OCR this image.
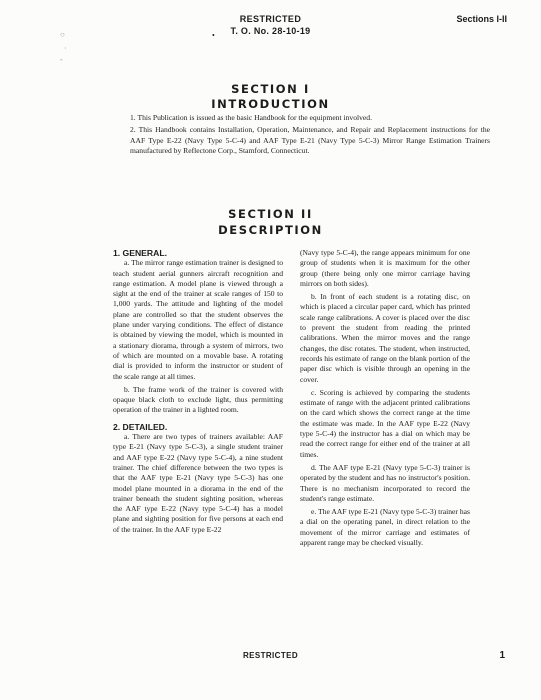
○
·
ˆ
RESTRICTED
T. O. No. 28-10-19
•
Sections I-II
SECTION I
INTRODUCTION

1. This Publication is issued as the basic Handbook for the equipment involved.

2. This Handbook contains Installation, Operation, Maintenance, and Repair and Replacement instructions for the AAF Type E-22 (Navy Type 5-C-4) and AAF Type E-21 (Navy Type 5-C-3) Mirror Range Estimation Trainers manufactured by Reflectone Corp., Stamford, Connecticut.

SECTION II
DESCRIPTION

1. GENERAL.

a. The mirror range estimation trainer is designed to teach student aerial gunners aircraft recognition and range estimation. A model plane is viewed through a sight at the end of the trainer at scale ranges of 150 to 1,000 yards. The attitude and lighting of the model plane are controlled so that the student observes the plane under varying conditions. The effect of distance is obtained by viewing the model, which is mounted in a stationary diorama, through a system of mirrors, two of which are mounted on a movable base. A rotating dial is provided to inform the instructor or student of the scale range at all times.

b. The frame work of the trainer is covered with opaque black cloth to exclude light, thus permitting operation of the trainer in a lighted room.

2. DETAILED.

a. There are two types of trainers available: AAF type E-21 (Navy type 5-C-3), a single student trainer and AAF type E-22 (Navy type 5-C-4), a nine student trainer. The chief difference between the two types is that the AAF type E-21 (Navy type 5-C-3) has one model plane mounted in a diorama in the end of the trainer beneath the student sighting position, whereas the AAF type E-22 (Navy type 5-C-4) has a model plane and sighting position for five persons at each end of the trainer. In the AAF type E-22

(Navy type 5-C-4), the range appears minimum for one group of students when it is maximum for the other group (there being only one mirror carriage having mirrors on both sides).

b. In front of each student is a rotating disc, on which is placed a circular paper card, which has printed scale range calibrations. A cover is placed over the disc to prevent the student from reading the printed calibrations. When the mirror moves and the range changes, the disc rotates. The student, when instructed, records his estimate of range on the blank portion of the paper disc which is visible through an opening in the cover.

c. Scoring is achieved by comparing the students estimate of range with the adjacent printed calibrations on the card which shows the correct range at the time the estimate was made. In the AAF type E-22 (Navy type 5-C-4) the instructor has a dial on which may be read the correct range for either end of the trainer at all times.

d. The AAF type E-21 (Navy type 5-C-3) trainer is operated by the student and has no instructor's position. There is no mechanism incorporated to record the student's range estimate.

e. The AAF type E-21 (Navy type 5-C-3) trainer has a dial on the operating panel, in direct relation to the movement of the mirror carriage and estimates of apparent range may be checked visually.

RESTRICTED	1
